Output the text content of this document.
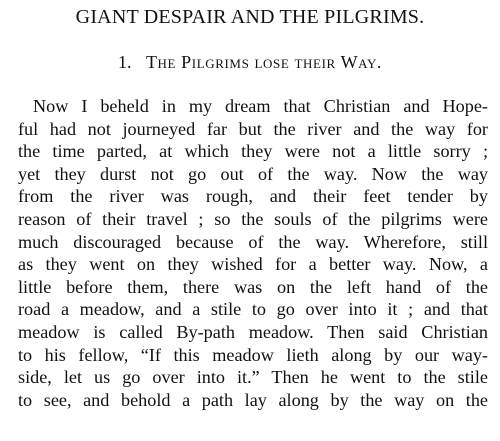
GIANT DESPAIR AND THE PILGRIMS.
1. The Pilgrims lose their Way.
Now I beheld in my dream that Christian and Hope-
ful had not journeyed far but the river and the way for
the time parted, at which they were not a little sorry ;
yet they durst not go out of the way. Now the way
from the river was rough, and their feet tender by
reason of their travel ; so the souls of the pilgrims were
much discouraged because of the way. Wherefore, still
as they went on they wished for a better way. Now, a
little before them, there was on the left hand of the
road a meadow, and a stile to go over into it ; and that
meadow is called By-path meadow. Then said Christian
to his fellow, “If this meadow lieth along by our way-
side, let us go over into it.” Then he went to the stile
to see, and behold a path lay along by the way on the
